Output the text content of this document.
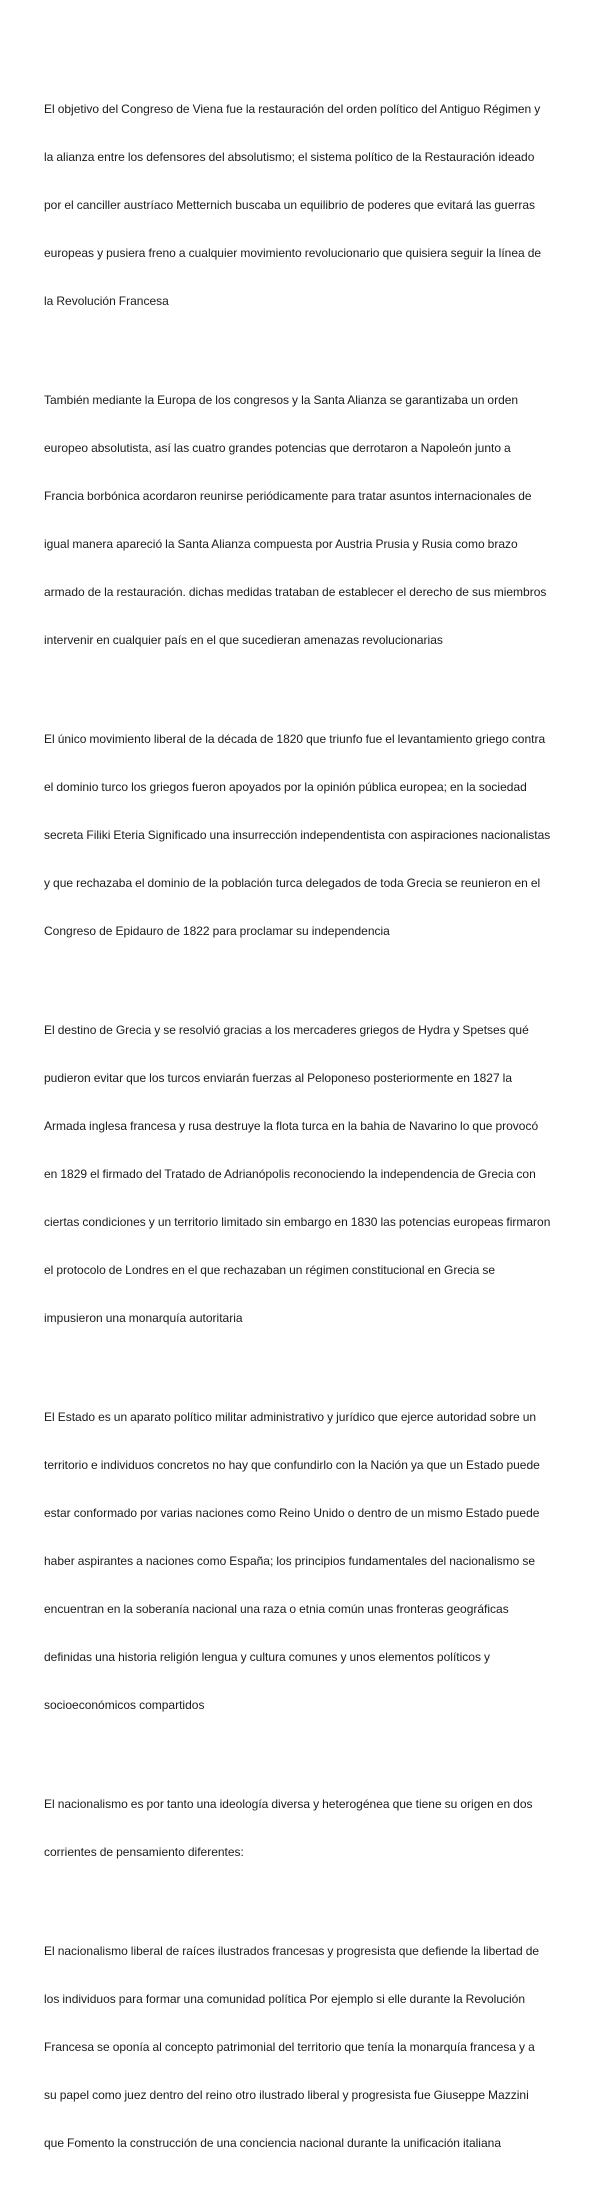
El objetivo del Congreso de Viena fue la restauración del orden político del Antiguo Régimen y

la alianza entre los defensores del absolutismo; el sistema político de la Restauración ideado

por el canciller austríaco Metternich buscaba un equilibrio de poderes que evitará las guerras

europeas y pusiera freno a cualquier movimiento revolucionario que quisiera seguir la línea de

la Revolución Francesa

También mediante la Europa de los congresos y la Santa Alianza se garantizaba un orden

europeo absolutista, así las cuatro grandes potencias que derrotaron a Napoleón junto a

Francia borbónica acordaron reunirse periódicamente para tratar asuntos internacionales de

igual manera apareció la Santa Alianza compuesta por Austria Prusia y Rusia como brazo

armado de la restauración. dichas medidas trataban de establecer el derecho de sus miembros

intervenir en cualquier país en el que sucedieran amenazas revolucionarias

El único movimiento liberal de la década de 1820 que triunfo fue el levantamiento griego contra

el dominio turco los griegos fueron apoyados por la opinión pública europea; en la sociedad

secreta Filiki Eteria Significado una insurrección independentista con aspiraciones nacionalistas

y que rechazaba el dominio de la población turca delegados de toda Grecia se reunieron en el

Congreso de Epidauro de 1822 para proclamar su independencia

El destino de Grecia y se resolvió gracias a los mercaderes griegos de Hydra y Spetses qué

pudieron evitar que los turcos enviarán fuerzas al Peloponeso posteriormente en 1827 la

Armada inglesa francesa y rusa destruye la flota turca en la bahia de Navarino lo que provocó

en 1829 el firmado del Tratado de Adrianópolis reconociendo la independencia de Grecia con

ciertas condiciones y un territorio limitado sin embargo en 1830 las potencias europeas firmaron

el protocolo de Londres en el que rechazaban un régimen constitucional en Grecia se

impusieron una monarquía autoritaria

El Estado es un aparato político militar administrativo y jurídico que ejerce autoridad sobre un

territorio e individuos concretos no hay que confundirlo con la Nación ya que un Estado puede

estar conformado por varias naciones como Reino Unido o dentro de un mismo Estado puede

haber aspirantes a naciones como España; los principios fundamentales del nacionalismo se

encuentran en la soberanía nacional una raza o etnia común unas fronteras geográficas

definidas una historia religión lengua y cultura comunes y unos elementos políticos y

socioeconómicos compartidos

El nacionalismo es por tanto una ideología diversa y heterogénea que tiene su origen en dos

corrientes de pensamiento diferentes:

El nacionalismo liberal de raíces ilustrados francesas y progresista que defiende la libertad de

los individuos para formar una comunidad política Por ejemplo si elle durante la Revolución

Francesa se oponía al concepto patrimonial del territorio que tenía la monarquía francesa y a

su papel como juez dentro del reino otro ilustrado liberal y progresista fue Giuseppe Mazzini

que Fomento la construcción de una conciencia nacional durante la unificación italiana
